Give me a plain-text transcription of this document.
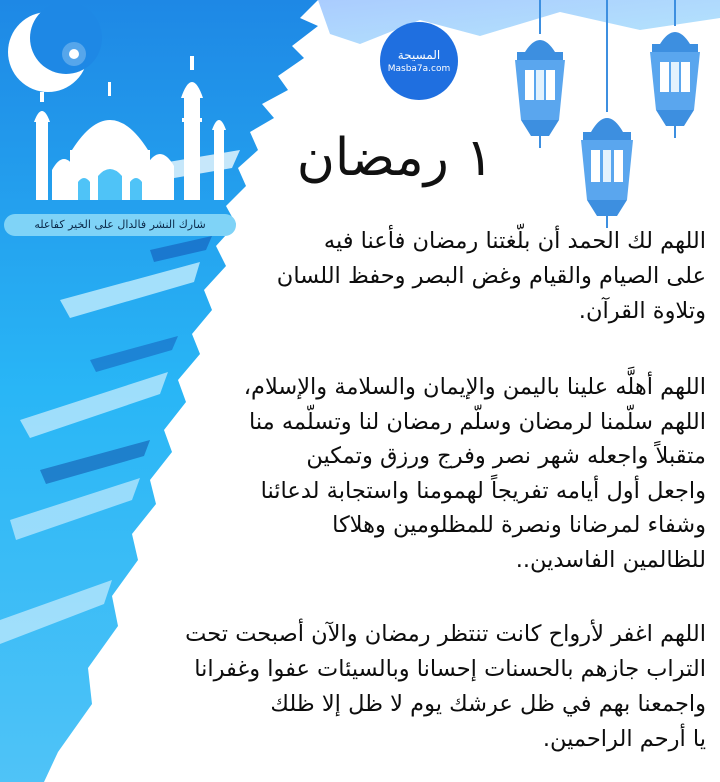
المسيحة
Masba7a.com
١ رمضان
شارك النشر فالدال على الخير كفاعله
اللهم لك الحمد أن بلّغتنا رمضان فأعنا فيه
على الصيام والقيام وغض البصر وحفظ اللسان
وتلاوة القرآن.
اللهم أهلَّه علينا باليمن والإيمان والسلامة والإسلام،
اللهم سلّمنا لرمضان وسلّم رمضان لنا وتسلّمه منا
متقبلاً واجعله شهر نصر وفرج ورزق وتمكين
واجعل أول أيامه تفريجاً لهمومنا واستجابة لدعائنا
وشفاء لمرضانا ونصرة للمظلومين وهلاكا
للظالمين الفاسدين..
اللهم اغفر لأرواح كانت تنتظر رمضان والآن أصبحت تحت
التراب جازهم بالحسنات إحسانا وبالسيئات عفوا وغفرانا
واجمعنا بهم في ظل عرشك يوم لا ظل إلا ظلك
يا أرحم الراحمين.
